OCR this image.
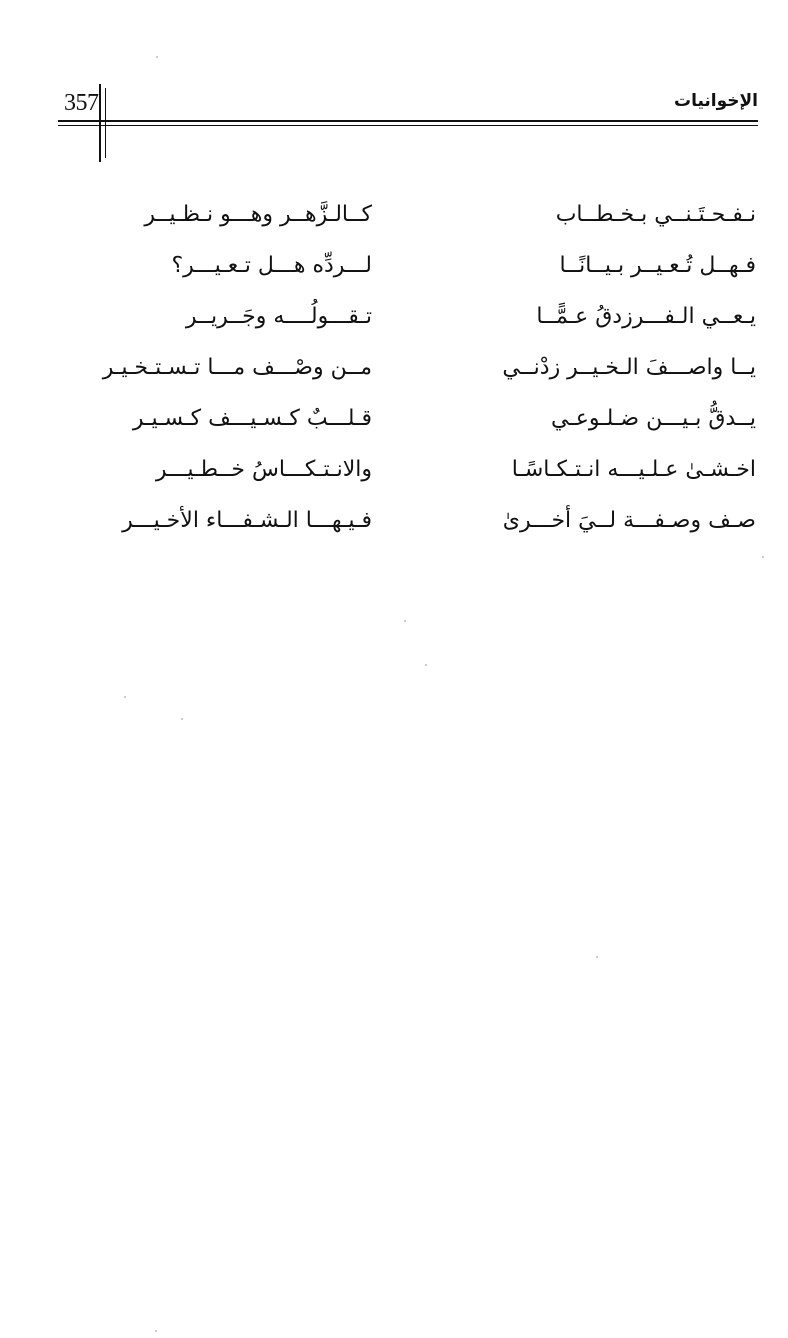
357	الإخوانيات
نـفـحـتَـنــي بـخـطــاب
كــالـزَّهــر وهـــو نـظـيــر
فـهــل تُـعـيــر بـيــانًــا
لـــردِّه هـــل تـعـيـــر؟
يـعــي الـفـــرزدقُ عـمًّــا
تـقـــولُــــه وجَــريــر
يــا واصـــفَ الـخـيــر زدْنــي
مــن وصْـــف مـــا تـسـتـخـيـر
يــدقُّ بـيـــن ضـلـوعـي
قـلـــبٌ كـسـيـــف كـسـيـر
اخـشـىٰ عـلـيـــه انـتـكـاسًـا
والانـتـكـــاسُ خــطـيـــر
صـف وصـفـــة لــيَ أخـــرىٰ
فـيـهـــا الـشـفـــاء الأخـيـــر
